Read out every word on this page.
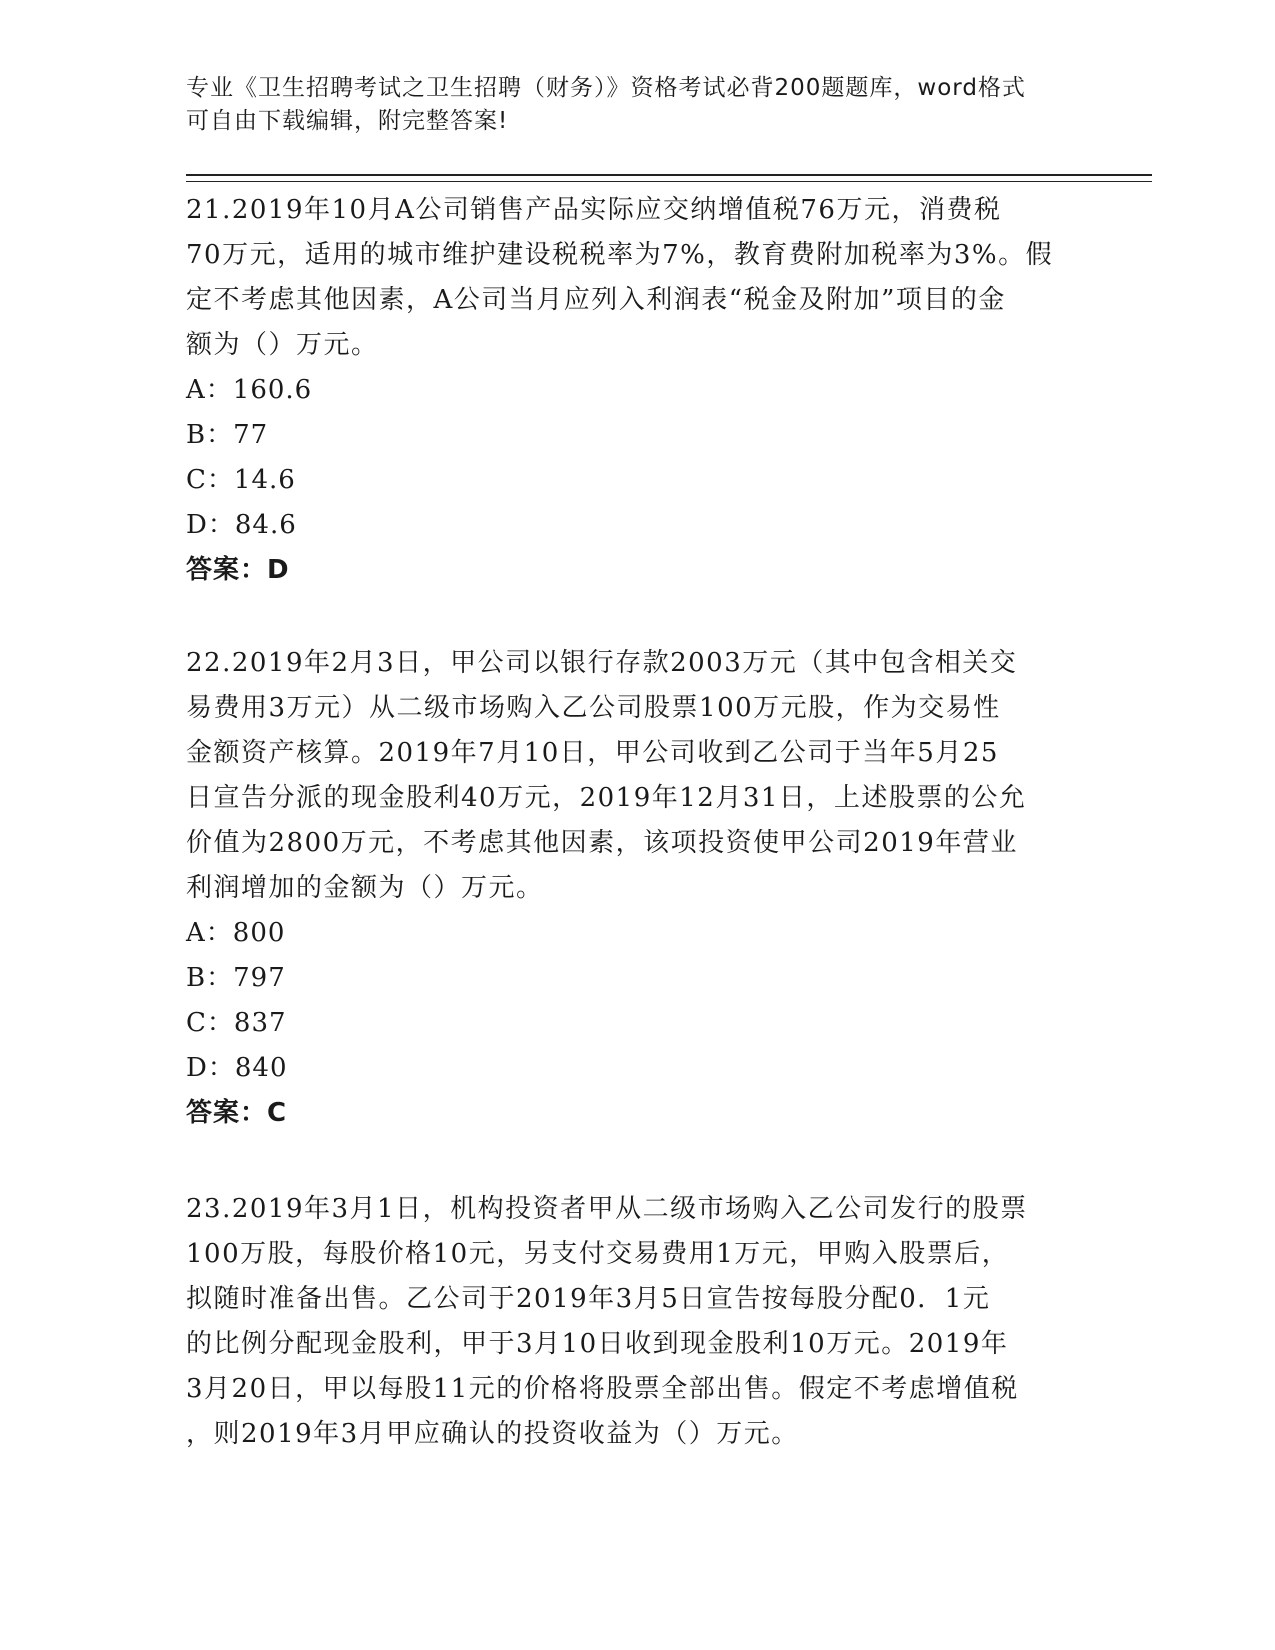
专业《卫生招聘考试之卫生招聘（财务）》资格考试必背200题题库，word格式
可自由下载编辑，附完整答案!

21.2019年10月A公司销售产品实际应交纳增值税76万元，消费税

70万元，适用的城市维护建设税税率为7%，教育费附加税率为3%。假

定不考虑其他因素，A公司当月应列入利润表“税金及附加”项目的金

额为（）万元。

A：160.6

B：77

C：14.6

D：84.6

答案：D

22.2019年2月3日，甲公司以银行存款2003万元（其中包含相关交

易费用3万元）从二级市场购入乙公司股票100万元股，作为交易性

金额资产核算。2019年7月10日，甲公司收到乙公司于当年5月25

日宣告分派的现金股利40万元，2019年12月31日，上述股票的公允

价值为2800万元，不考虑其他因素，该项投资使甲公司2019年营业

利润增加的金额为（）万元。

A：800

B：797

C：837

D：840

答案：C

23.2019年3月1日，机构投资者甲从二级市场购入乙公司发行的股票

100万股，每股价格10元，另支付交易费用1万元，甲购入股票后，

拟随时准备出售。乙公司于2019年3月5日宣告按每股分配0．1元

的比例分配现金股利，甲于3月10日收到现金股利10万元。2019年

3月20日，甲以每股11元的价格将股票全部出售。假定不考虑增值税

，则2019年3月甲应确认的投资收益为（）万元。
